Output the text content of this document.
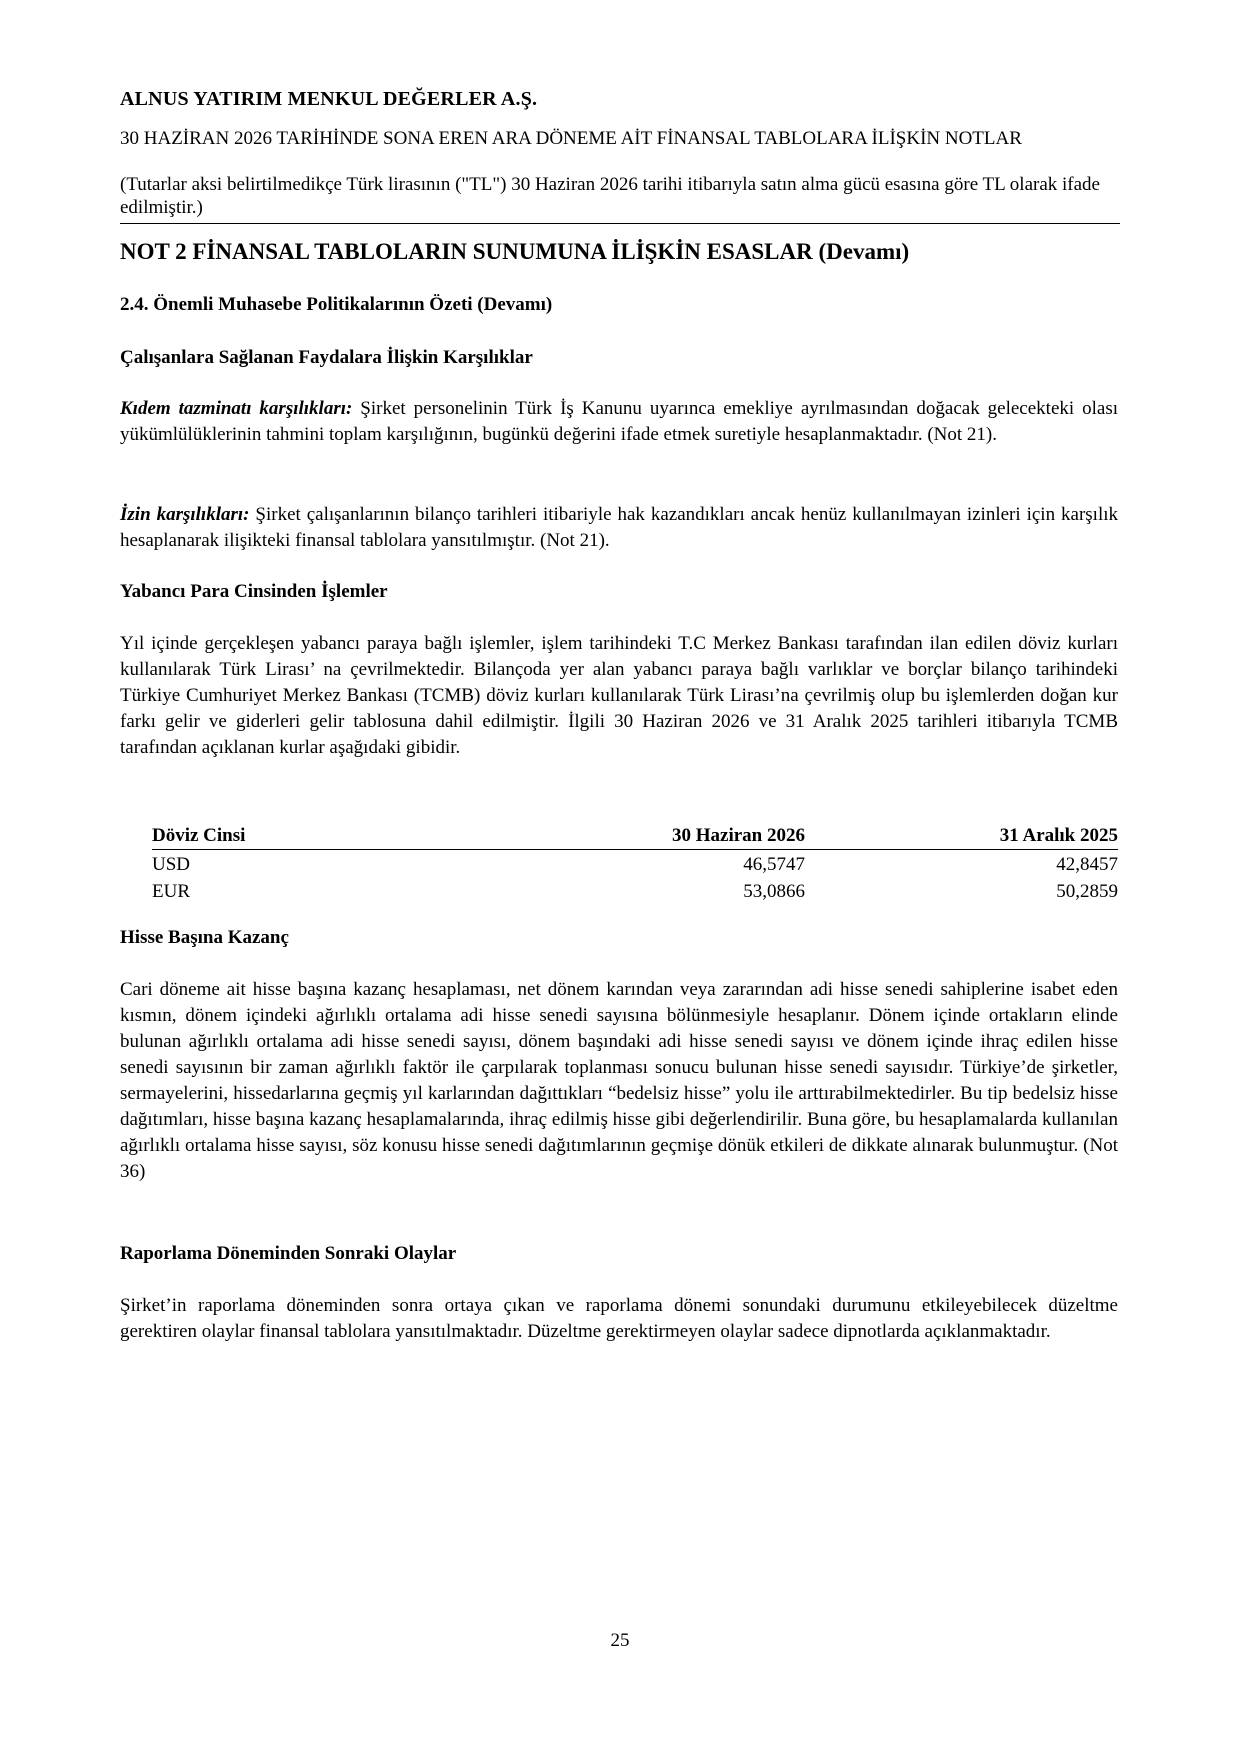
ALNUS YATIRIM MENKUL DEĞERLER A.Ş.
30 HAZİRAN 2026 TARİHİNDE SONA EREN ARA DÖNEME AİT FİNANSAL TABLOLARA İLİŞKİN NOTLAR
(Tutarlar aksi belirtilmedikçe Türk lirasının ("TL") 30 Haziran 2026 tarihi itibarıyla satın alma gücü esasına göre TL olarak ifade edilmiştir.)
NOT 2 FİNANSAL TABLOLARIN SUNUMUNA İLİŞKİN ESASLAR (Devamı)
2.4. Önemli Muhasebe Politikalarının Özeti (Devamı)
Çalışanlara Sağlanan Faydalara İlişkin Karşılıklar
Kıdem tazminatı karşılıkları: Şirket personelinin Türk İş Kanunu uyarınca emekliye ayrılmasından doğacak gelecekteki olası yükümlülüklerinin tahmini toplam karşılığının, bugünkü değerini ifade etmek suretiyle hesaplanmaktadır. (Not 21).
İzin karşılıkları: Şirket çalışanlarının bilanço tarihleri itibariyle hak kazandıkları ancak henüz kullanılmayan izinleri için karşılık hesaplanarak ilişikteki finansal tablolara yansıtılmıştır. (Not 21).
Yabancı Para Cinsinden İşlemler
Yıl içinde gerçekleşen yabancı paraya bağlı işlemler, işlem tarihindeki T.C Merkez Bankası tarafından ilan edilen döviz kurları kullanılarak Türk Lirası’ na çevrilmektedir. Bilançoda yer alan yabancı paraya bağlı varlıklar ve borçlar bilanço tarihindeki Türkiye Cumhuriyet Merkez Bankası (TCMB) döviz kurları kullanılarak Türk Lirası’na çevrilmiş olup bu işlemlerden doğan kur farkı gelir ve giderleri gelir tablosuna dahil edilmiştir. İlgili 30 Haziran 2026 ve 31 Aralık 2025 tarihleri itibarıyla TCMB tarafından açıklanan kurlar aşağıdaki gibidir.
Döviz Cinsi	30 Haziran 2026	31 Aralık 2025
USD	46,5747	42,8457
EUR	53,0866	50,2859
Hisse Başına Kazanç
Cari döneme ait hisse başına kazanç hesaplaması, net dönem karından veya zararından adi hisse senedi sahiplerine isabet eden kısmın, dönem içindeki ağırlıklı ortalama adi hisse senedi sayısına bölünmesiyle hesaplanır. Dönem içinde ortakların elinde bulunan ağırlıklı ortalama adi hisse senedi sayısı, dönem başındaki adi hisse senedi sayısı ve dönem içinde ihraç edilen hisse senedi sayısının bir zaman ağırlıklı faktör ile çarpılarak toplanması sonucu bulunan hisse senedi sayısıdır. Türkiye’de şirketler, sermayelerini, hissedarlarına geçmiş yıl karlarından dağıttıkları “bedelsiz hisse” yolu ile arttırabilmektedirler. Bu tip bedelsiz hisse dağıtımları, hisse başına kazanç hesaplamalarında, ihraç edilmiş hisse gibi değerlendirilir. Buna göre, bu hesaplamalarda kullanılan ağırlıklı ortalama hisse sayısı, söz konusu hisse senedi dağıtımlarının geçmişe dönük etkileri de dikkate alınarak bulunmuştur. (Not 36)
Raporlama Döneminden Sonraki Olaylar
Şirket’in raporlama döneminden sonra ortaya çıkan ve raporlama dönemi sonundaki durumunu etkileyebilecek düzeltme gerektiren olaylar finansal tablolara yansıtılmaktadır. Düzeltme gerektirmeyen olaylar sadece dipnotlarda açıklanmaktadır.
25
